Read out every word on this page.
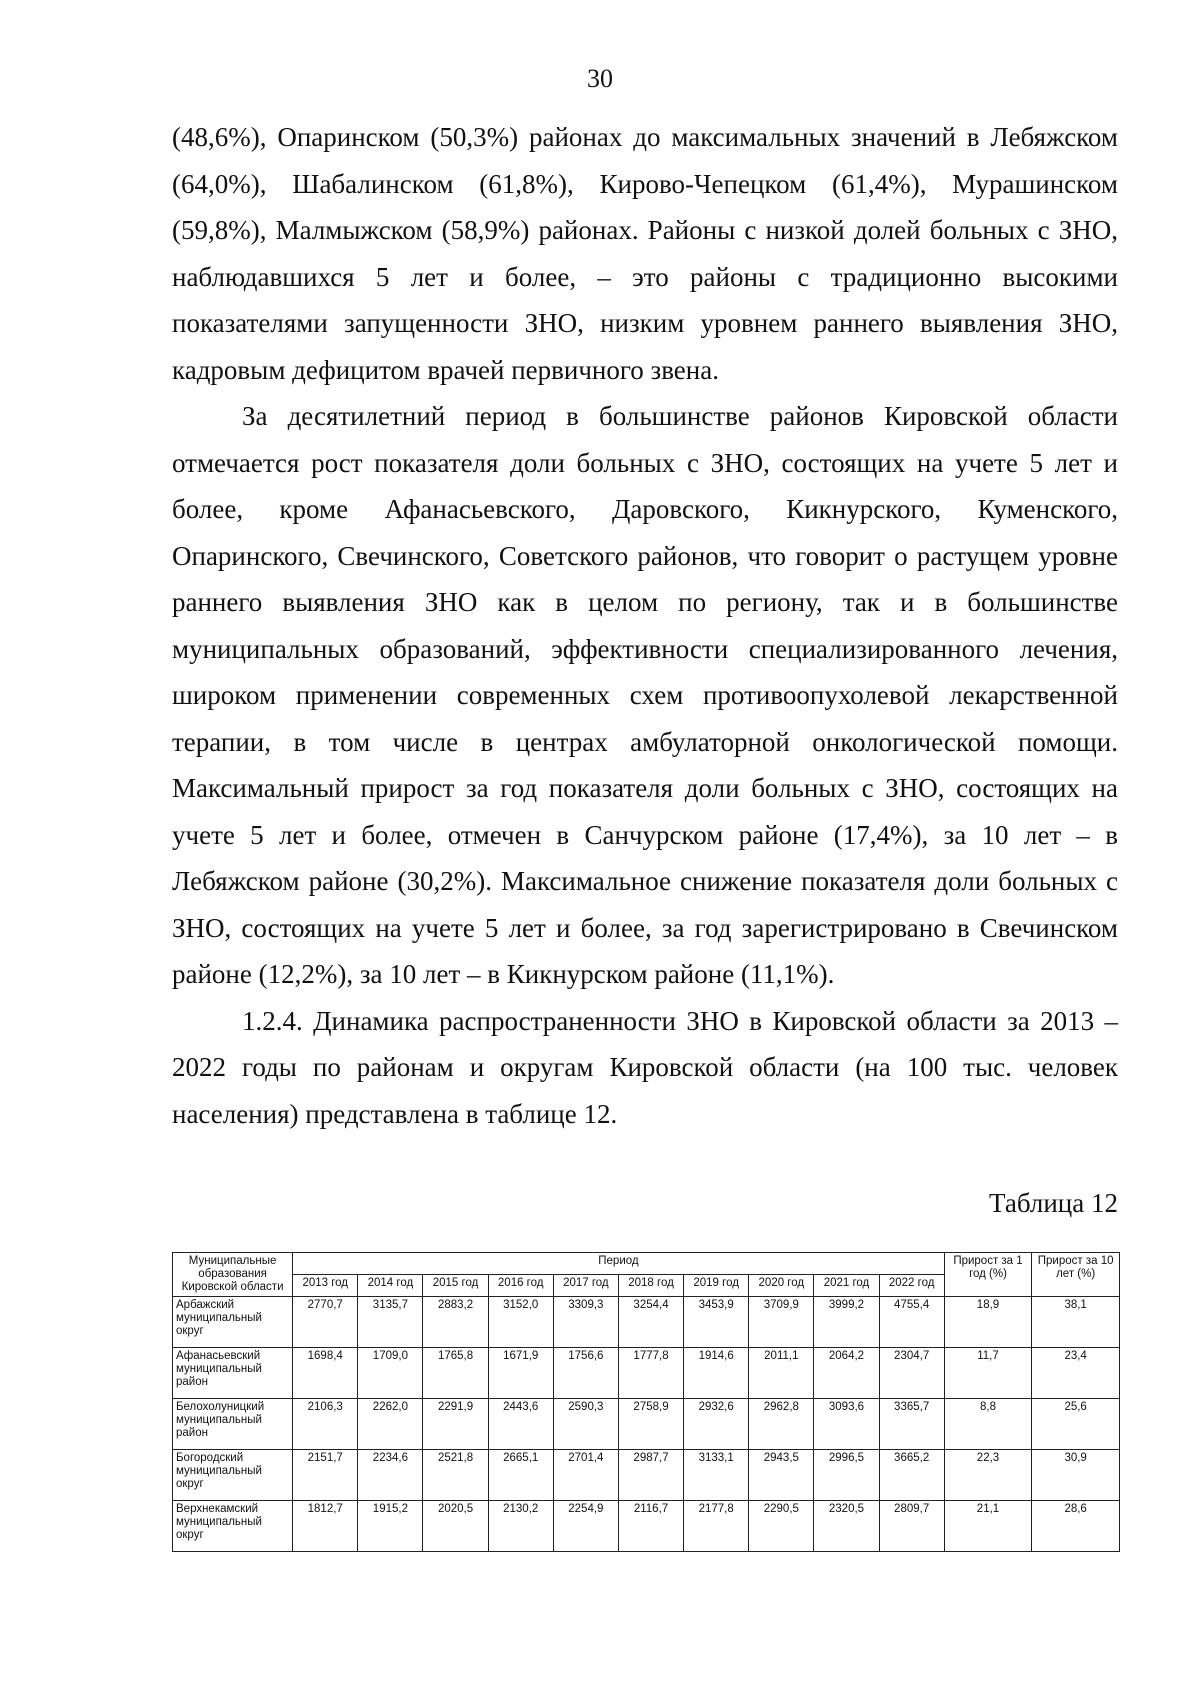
30

(48,6%), Опаринском (50,3%) районах до максимальных значений в Лебяжском (64,0%), Шабалинском (61,8%), Кирово-Чепецком (61,4%), Мурашинском (59,8%), Малмыжском (58,9%) районах. Районы с низкой долей больных с ЗНО, наблюдавшихся 5 лет и более, – это районы с традиционно высокими показателями запущенности ЗНО, низким уровнем раннего выявления ЗНО, кадровым дефицитом врачей первичного звена.

За десятилетний период в большинстве районов Кировской области отмечается рост показателя доли больных с ЗНО, состоящих на учете 5 лет и более, кроме Афанасьевского, Даровского, Кикнурского, Куменского, Опаринского, Свечинского, Советского районов, что говорит о растущем уровне раннего выявления ЗНО как в целом по региону, так и в большинстве муниципальных образований, эффективности специализированного лечения, широком применении современных схем противоопухолевой лекарственной терапии, в том числе в центрах амбулаторной онкологической помощи. Максимальный прирост за год показателя доли больных с ЗНО, состоящих на учете 5 лет и более, отмечен в Санчурском районе (17,4%), за 10 лет – в Лебяжском районе (30,2%). Максимальное снижение показателя доли больных с ЗНО, состоящих на учете 5 лет и более, за год зарегистрировано в Свечинском районе (12,2%), за 10 лет – в Кикнурском районе (11,1%).

1.2.4. Динамика распространенности ЗНО в Кировской области за 2013 – 2022 годы по районам и округам Кировской области (на 100 тыс. человек населения) представлена в таблице 12.

Таблица 12
Муниципальные образования Кировской области	Период										Прирост за 1 год (%)	Прирост за 10 лет (%)
	2013 год	2014 год	2015 год	2016 год	2017 год	2018 год	2019 год	2020 год	2021 год	2022 год		
Арбажский муниципальный округ	2770,7	3135,7	2883,2	3152,0	3309,3	3254,4	3453,9	3709,9	3999,2	4755,4	18,9	38,1
Афанасьевский муниципальный район	1698,4	1709,0	1765,8	1671,9	1756,6	1777,8	1914,6	2011,1	2064,2	2304,7	11,7	23,4
Белохолуницкий муниципальный район	2106,3	2262,0	2291,9	2443,6	2590,3	2758,9	2932,6	2962,8	3093,6	3365,7	8,8	25,6
Богородский муниципальный округ	2151,7	2234,6	2521,8	2665,1	2701,4	2987,7	3133,1	2943,5	2996,5	3665,2	22,3	30,9
Верхнекамский муниципальный округ	1812,7	1915,2	2020,5	2130,2	2254,9	2116,7	2177,8	2290,5	2320,5	2809,7	21,1	28,6
